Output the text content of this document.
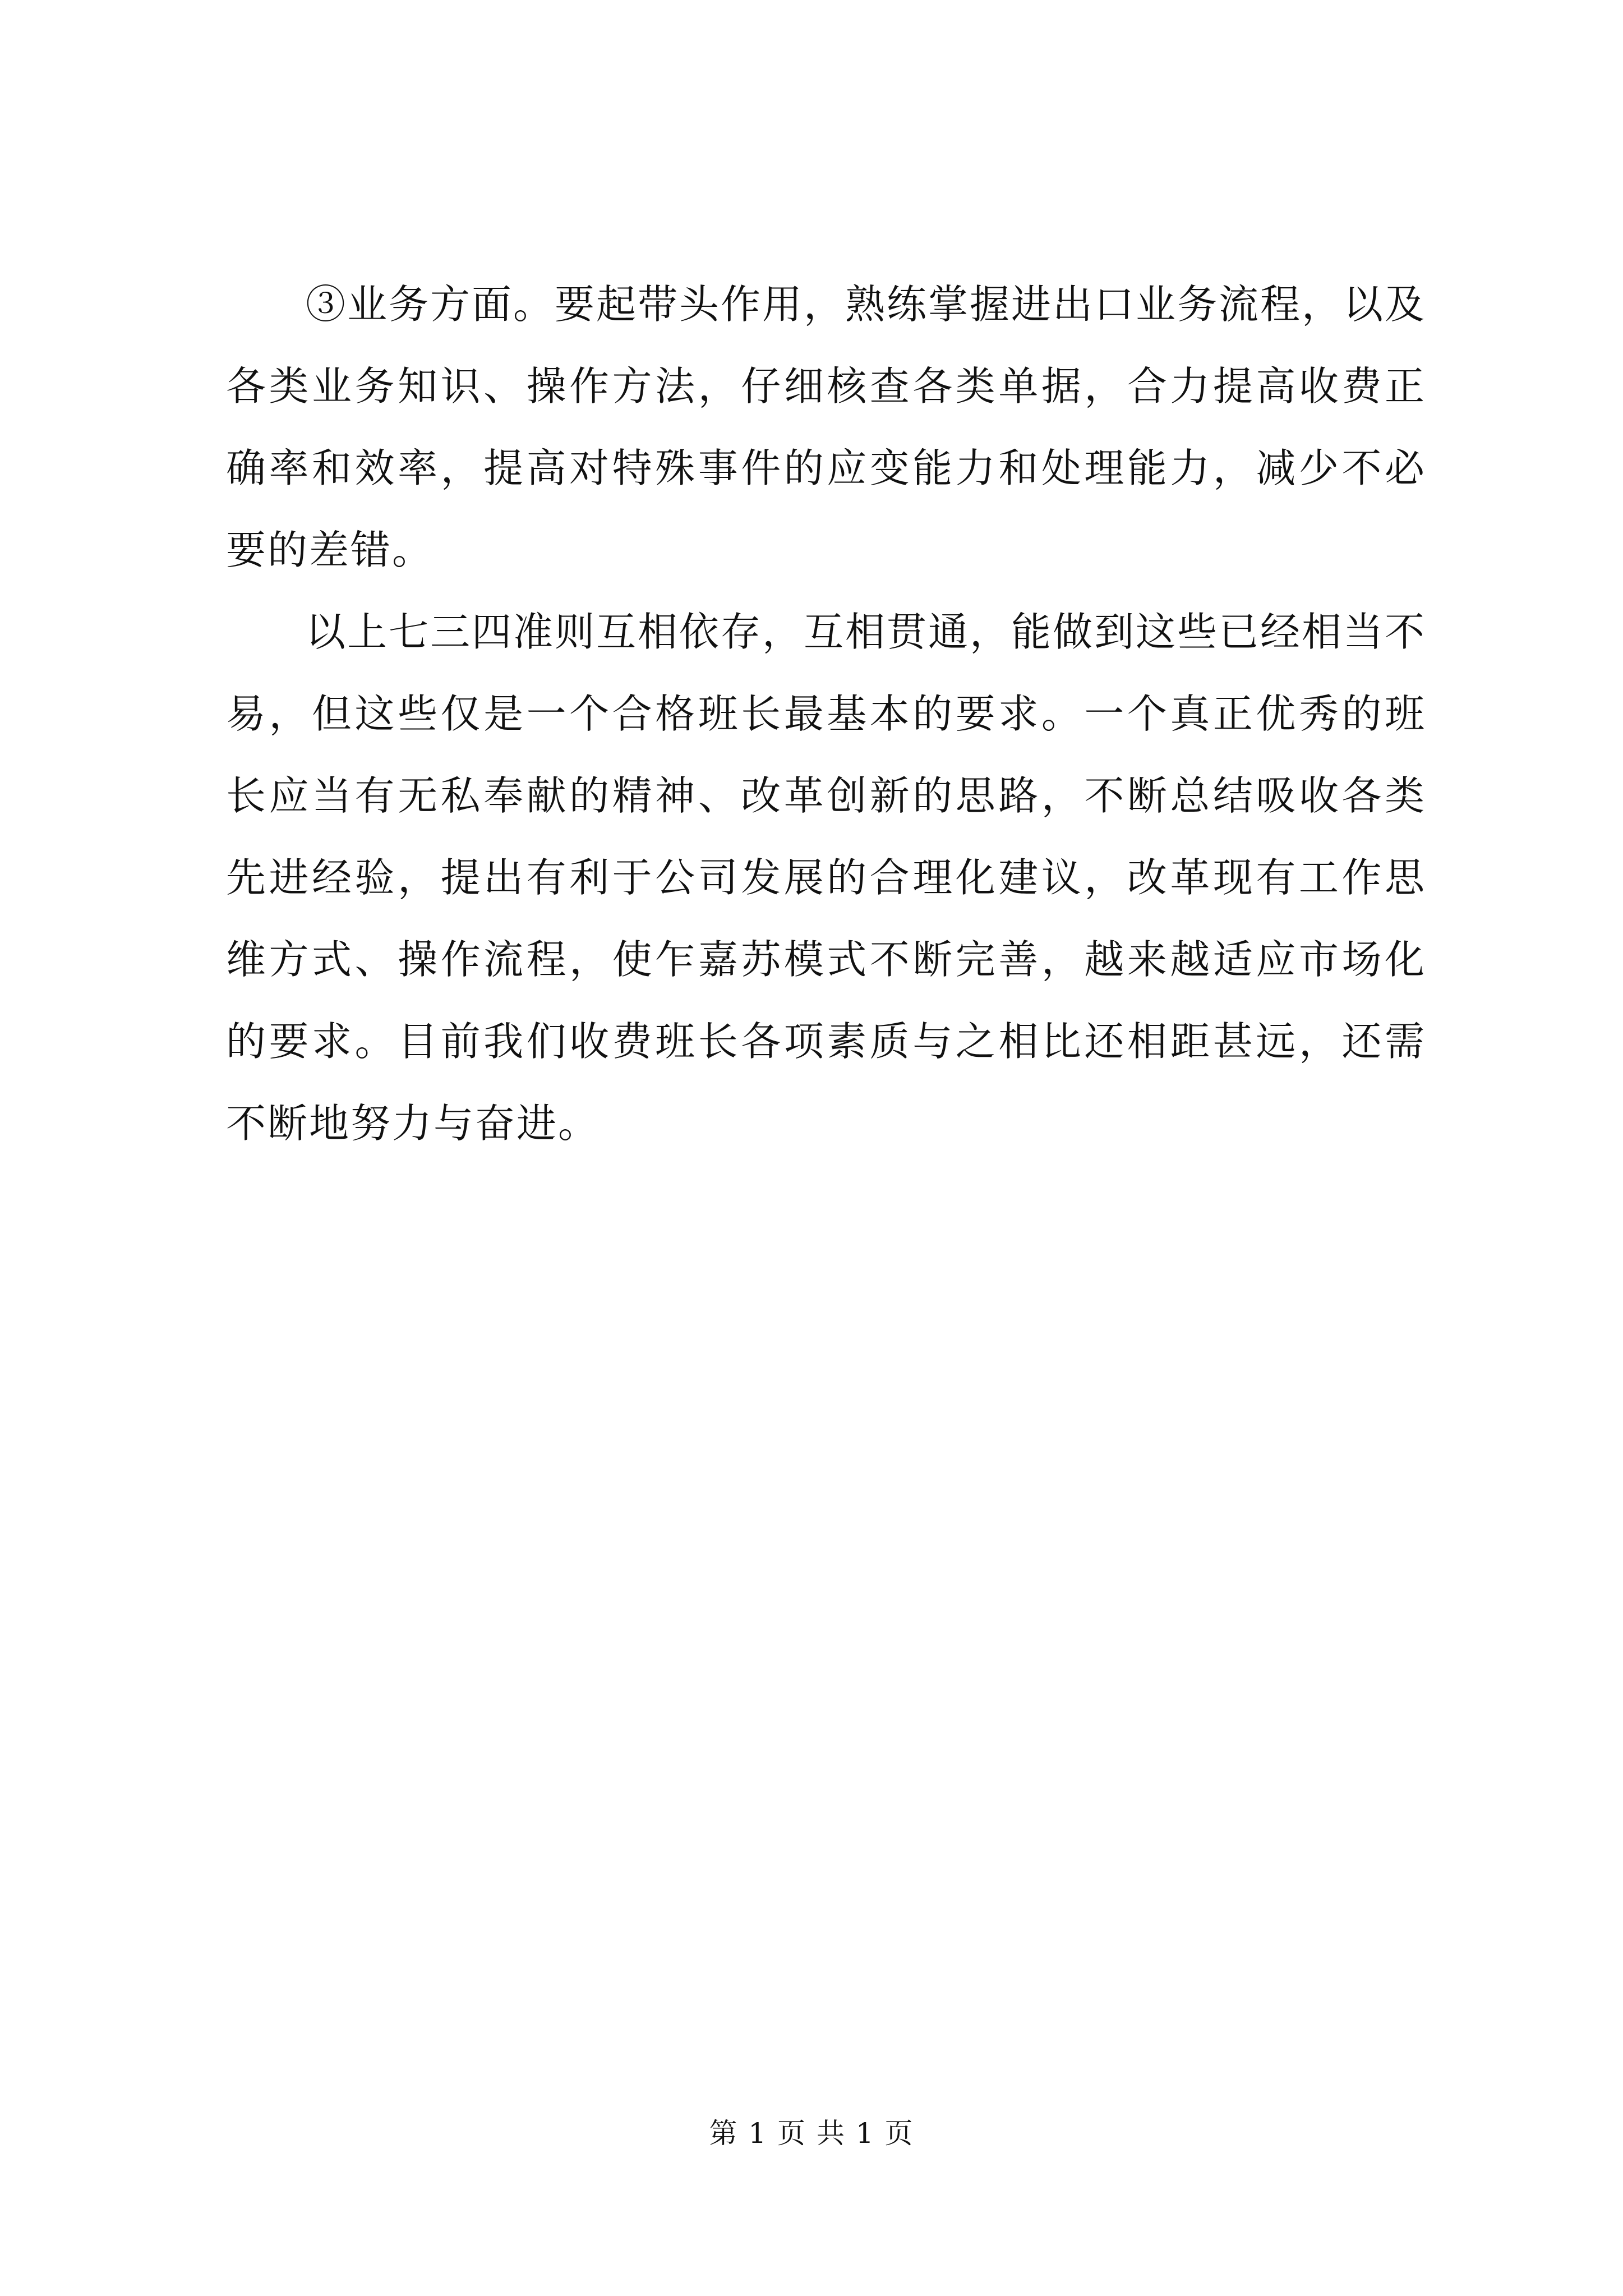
③业务方面。要起带头作用，熟练掌握进出口业务流程，以及各类业务知识、操作方法，仔细核查各类单据，合力提高收费正确率和效率，提高对特殊事件的应变能力和处理能力，减少不必要的差错。

以上七三四准则互相依存，互相贯通，能做到这些已经相当不易，但这些仅是一个合格班长最基本的要求。一个真正优秀的班长应当有无私奉献的精神、改革创新的思路，不断总结吸收各类先进经验，提出有利于公司发展的合理化建议，改革现有工作思维方式、操作流程，使乍嘉苏模式不断完善，越来越适应市场化的要求。目前我们收费班长各项素质与之相比还相距甚远，还需不断地努力与奋进。

第 1 页 共 1 页
